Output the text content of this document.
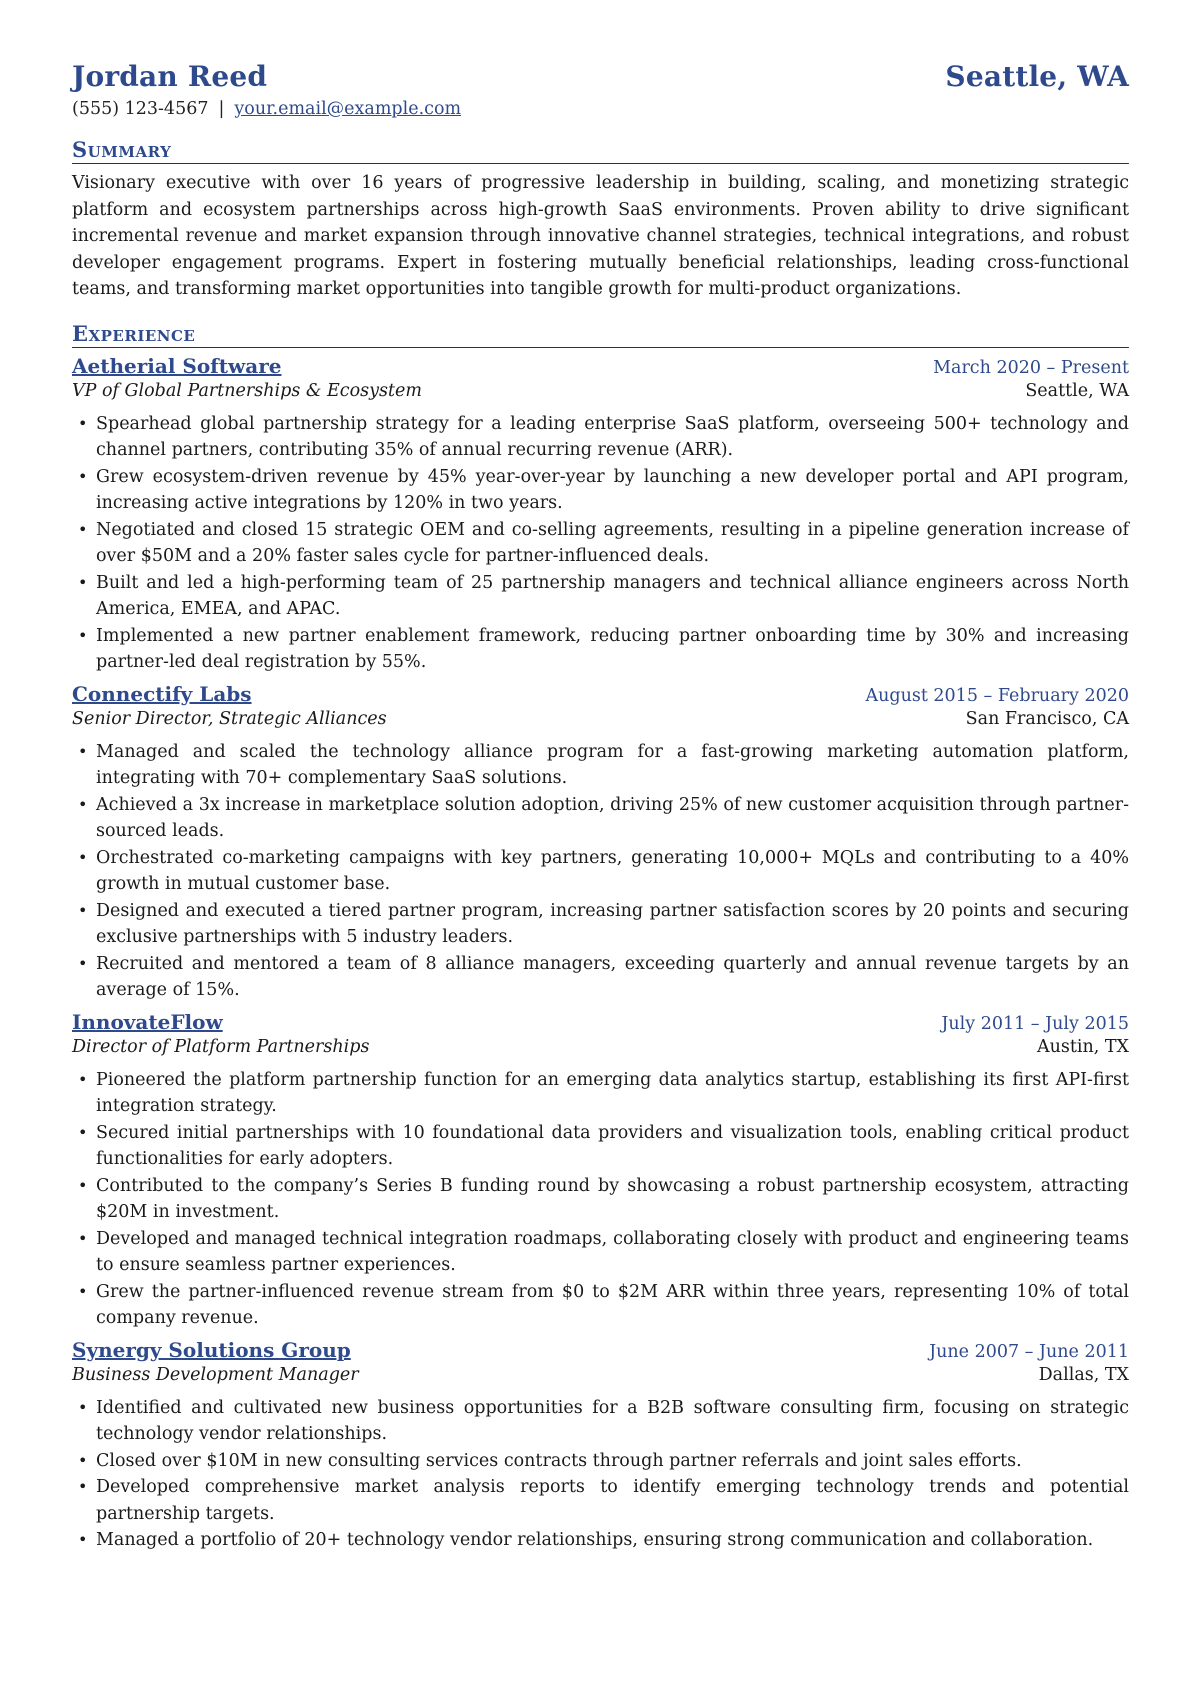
Jordan Reed	Seattle, WA
(555) 123-4567 | your.email@example.com
Summary
Visionary executive with over 16 years of progressive leadership in building, scaling, and monetizing strategic platform and ecosystem partnerships across high-growth SaaS environments. Proven ability to drive significant incremental revenue and market expansion through innovative channel strategies, technical integrations, and robust developer engagement programs. Expert in fostering mutually beneficial relationships, leading cross-functional teams, and transforming market opportunities into tangible growth for multi-product organizations.
Experience
Aetherial Software	March 2020 – Present
VP of Global Partnerships & Ecosystem	Seattle, WA
• Spearhead global partnership strategy for a leading enterprise SaaS platform, overseeing 500+ technology and channel partners, contributing 35% of annual recurring revenue (ARR).
• Grew ecosystem-driven revenue by 45% year-over-year by launching a new developer portal and API program, increasing active integrations by 120% in two years.
• Negotiated and closed 15 strategic OEM and co-selling agreements, resulting in a pipeline generation increase of over $50M and a 20% faster sales cycle for partner-influenced deals.
• Built and led a high-performing team of 25 partnership managers and technical alliance engineers across North America, EMEA, and APAC.
• Implemented a new partner enablement framework, reducing partner onboarding time by 30% and increasing partner-led deal registration by 55%.
Connectify Labs	August 2015 – February 2020
Senior Director, Strategic Alliances	San Francisco, CA
• Managed and scaled the technology alliance program for a fast-growing marketing automation platform, integrating with 70+ complementary SaaS solutions.
• Achieved a 3x increase in marketplace solution adoption, driving 25% of new customer acquisition through partner-sourced leads.
• Orchestrated co-marketing campaigns with key partners, generating 10,000+ MQLs and contributing to a 40% growth in mutual customer base.
• Designed and executed a tiered partner program, increasing partner satisfaction scores by 20 points and securing exclusive partnerships with 5 industry leaders.
• Recruited and mentored a team of 8 alliance managers, exceeding quarterly and annual revenue targets by an average of 15%.
InnovateFlow	July 2011 – July 2015
Director of Platform Partnerships	Austin, TX
• Pioneered the platform partnership function for an emerging data analytics startup, establishing its first API-first integration strategy.
• Secured initial partnerships with 10 foundational data providers and visualization tools, enabling critical product functionalities for early adopters.
• Contributed to the company’s Series B funding round by showcasing a robust partnership ecosystem, attracting $20M in investment.
• Developed and managed technical integration roadmaps, collaborating closely with product and engineering teams to ensure seamless partner experiences.
• Grew the partner-influenced revenue stream from $0 to $2M ARR within three years, representing 10% of total company revenue.
Synergy Solutions Group	June 2007 – June 2011
Business Development Manager	Dallas, TX
• Identified and cultivated new business opportunities for a B2B software consulting firm, focusing on strategic technology vendor relationships.
• Closed over $10M in new consulting services contracts through partner referrals and joint sales efforts.
• Developed comprehensive market analysis reports to identify emerging technology trends and potential partnership targets.
• Managed a portfolio of 20+ technology vendor relationships, ensuring strong communication and collaboration.
